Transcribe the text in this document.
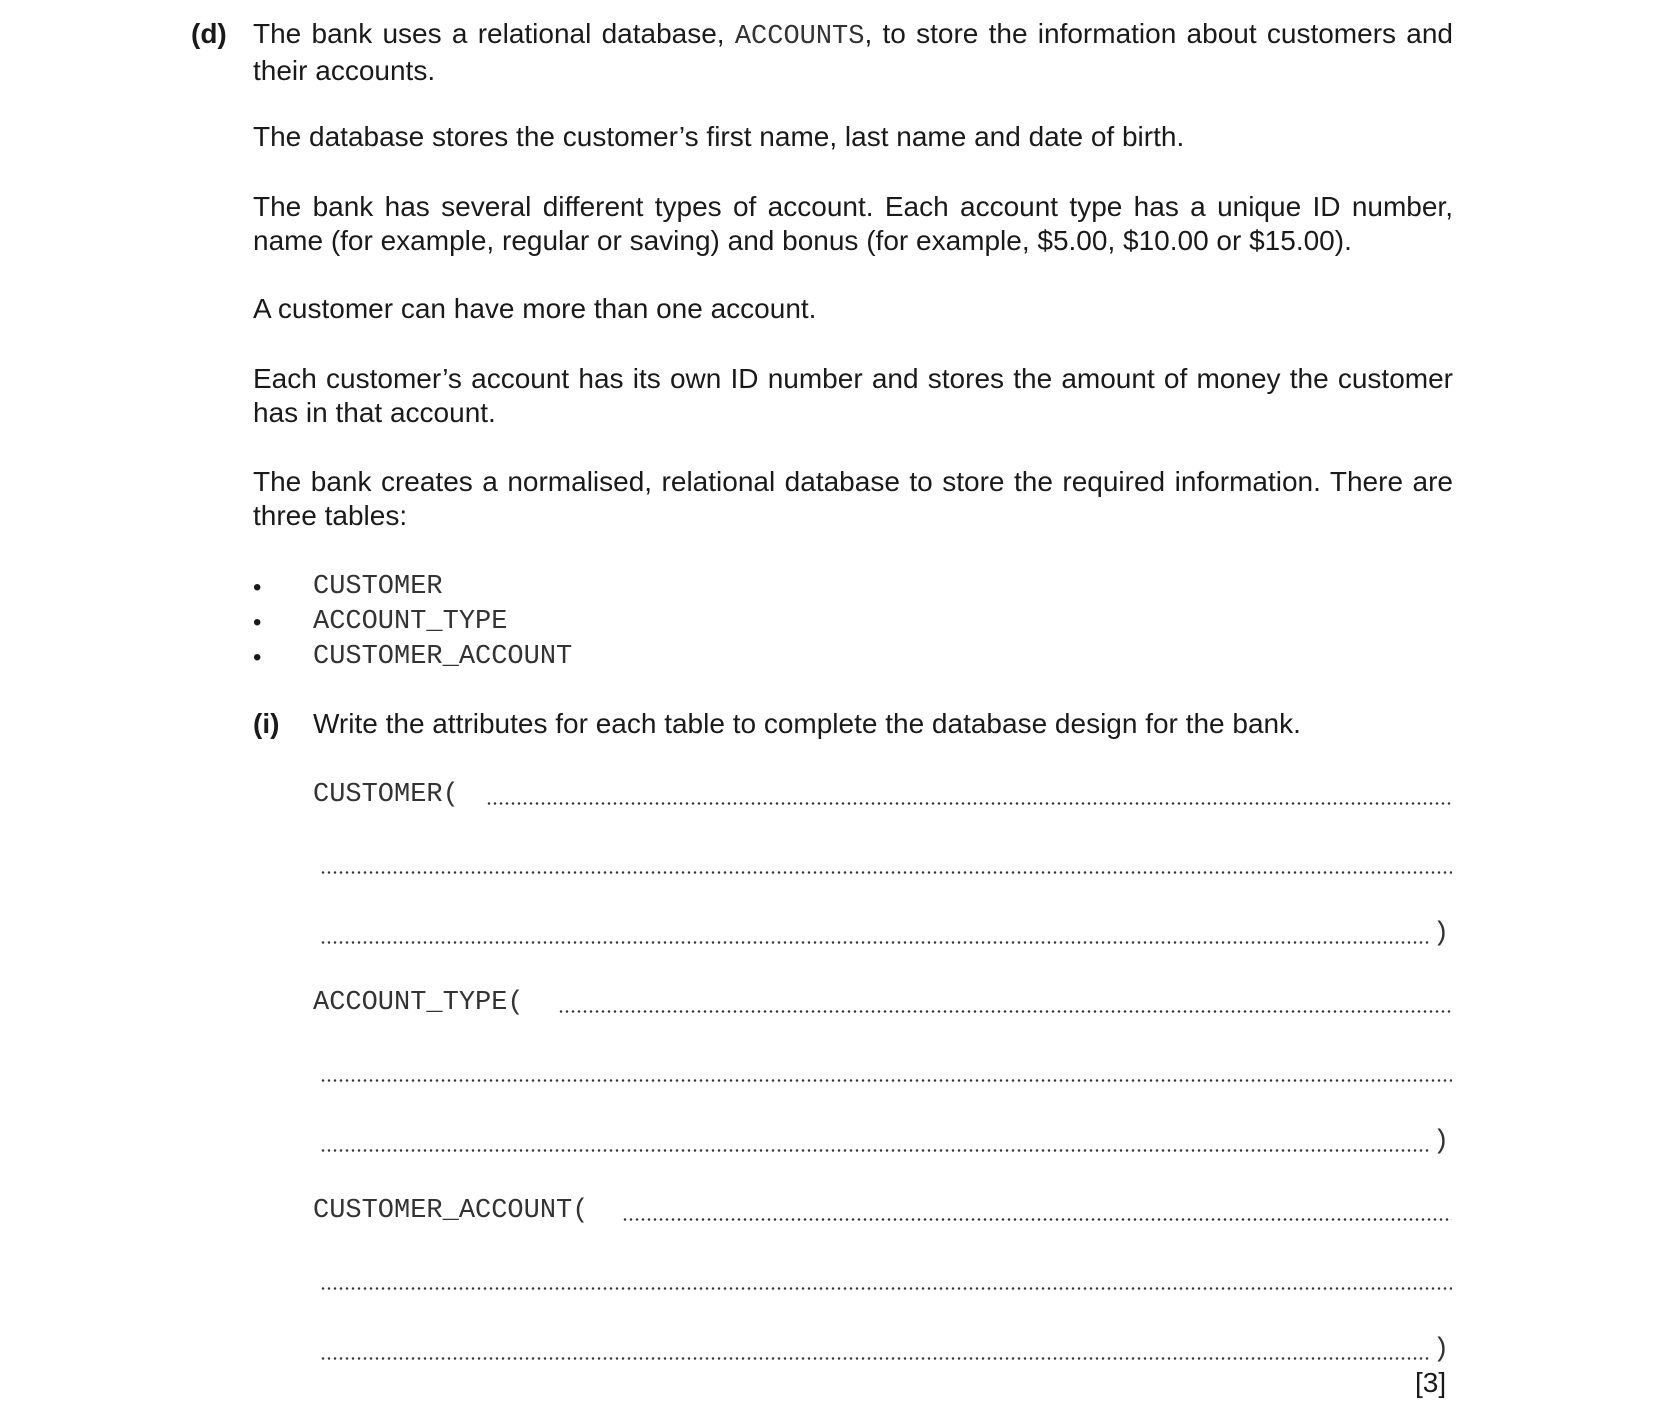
(d) The bank uses a relational database, ACCOUNTS, to store the information about customers and their accounts.
The database stores the customer’s first name, last name and date of birth.
The bank has several different types of account. Each account type has a unique ID number, name (for example, regular or saving) and bonus (for example, $5.00, $10.00 or $15.00).
A customer can have more than one account.
Each customer’s account has its own ID number and stores the amount of money the customer has in that account.
The bank creates a normalised, relational database to store the required information. There are three tables:
• CUSTOMER
• ACCOUNT_TYPE
• CUSTOMER_ACCOUNT
(i) Write the attributes for each table to complete the database design for the bank.
CUSTOMER(
)
ACCOUNT_TYPE(
)
CUSTOMER_ACCOUNT(
)
[3]
